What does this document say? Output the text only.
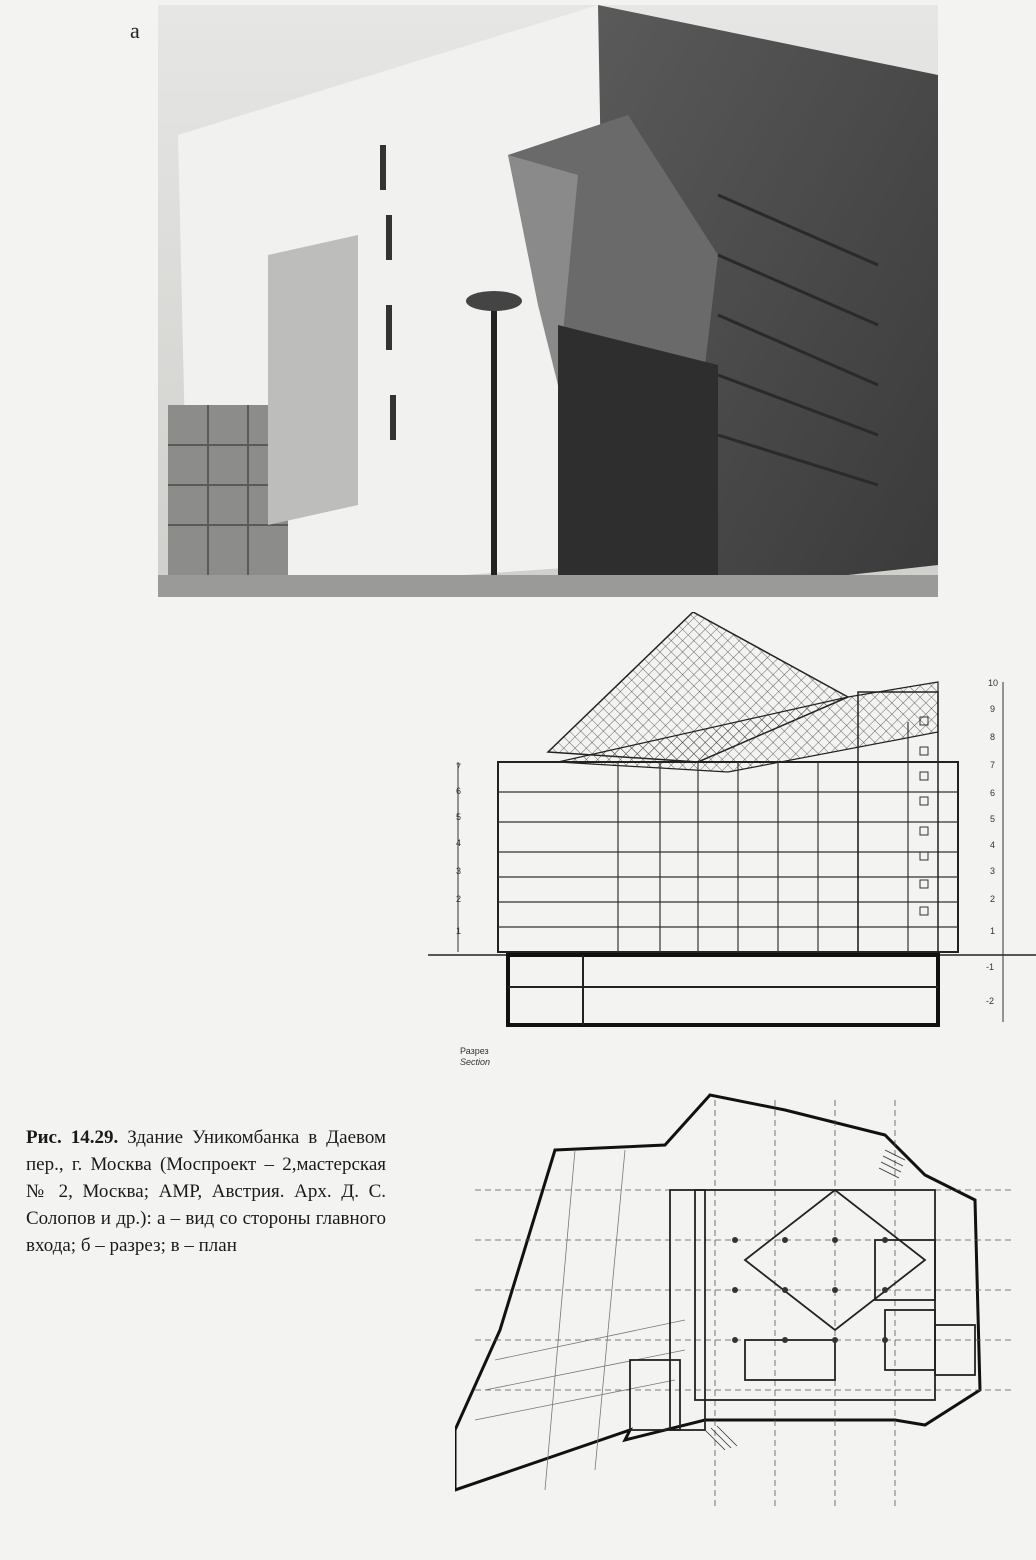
а
7
6
5
4
3
2
1
10
9
8
7
6
5
4
3
2
1
-1
-2
Разрез
Section
Рис. 14.29. Здание Уникомбанка в Даевом пер., г. Москва (Моспроект – 2,мастерская № 2, Москва; АМР, Австрия. Арх. Д. С. Солопов и др.): а – вид со стороны главного входа; б – разрез; в – план
